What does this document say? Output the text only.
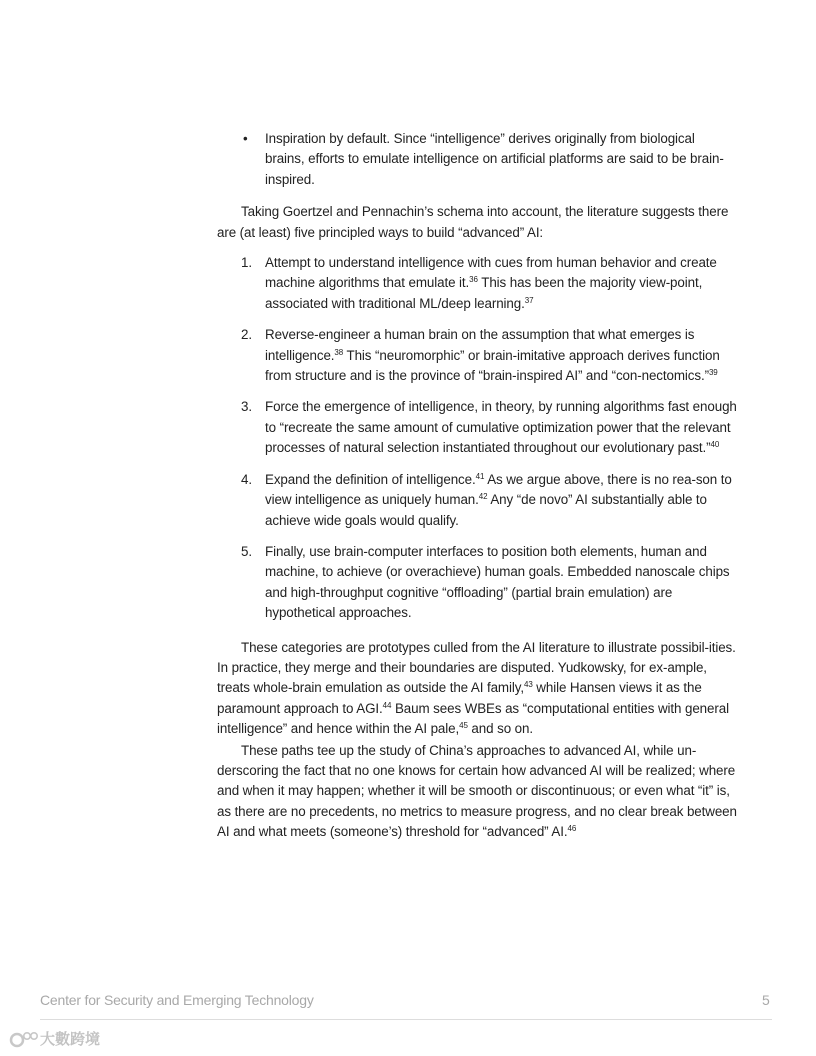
• Inspiration by default. Since “intelligence” derives originally from biological brains, efforts to emulate intelligence on artificial platforms are said to be brain-inspired.

Taking Goertzel and Pennachin’s schema into account, the literature suggests there are (at least) five principled ways to build “advanced” AI:

1. Attempt to understand intelligence with cues from human behavior and create machine algorithms that emulate it.$^{36}$ This has been the majority view-point, associated with traditional ML/deep learning.$^{37}$
2. Reverse-engineer a human brain on the assumption that what emerges is intelligence.$^{38}$ This “neuromorphic” or brain-imitative approach derives function from structure and is the province of “brain-inspired AI” and “con-nectomics.”$^{39}$
3. Force the emergence of intelligence, in theory, by running algorithms fast enough to “recreate the same amount of cumulative optimization power that the relevant processes of natural selection instantiated throughout our evolutionary past.”$^{40}$
4. Expand the definition of intelligence.$^{41}$ As we argue above, there is no rea-son to view intelligence as uniquely human.$^{42}$ Any “de novo” AI substantially able to achieve wide goals would qualify.
5. Finally, use brain-computer interfaces to position both elements, human and machine, to achieve (or overachieve) human goals. Embedded nanoscale chips and high-throughput cognitive “offloading” (partial brain emulation) are hypothetical approaches.

These categories are prototypes culled from the AI literature to illustrate possibil-ities. In practice, they merge and their boundaries are disputed. Yudkowsky, for ex-ample, treats whole-brain emulation as outside the AI family,$^{43}$ while Hansen views it as the paramount approach to AGI.$^{44}$ Baum sees WBEs as “computational entities with general intelligence” and hence within the AI pale,$^{45}$ and so on.

These paths tee up the study of China’s approaches to advanced AI, while un-derscoring the fact that no one knows for certain how advanced AI will be realized; where and when it may happen; whether it will be smooth or discontinuous; or even what “it” is, as there are no precedents, no metrics to measure progress, and no clear break between AI and what meets (someone’s) threshold for “advanced” AI.$^{46}$

Center for Security and Emerging Technology	5
大數跨境
